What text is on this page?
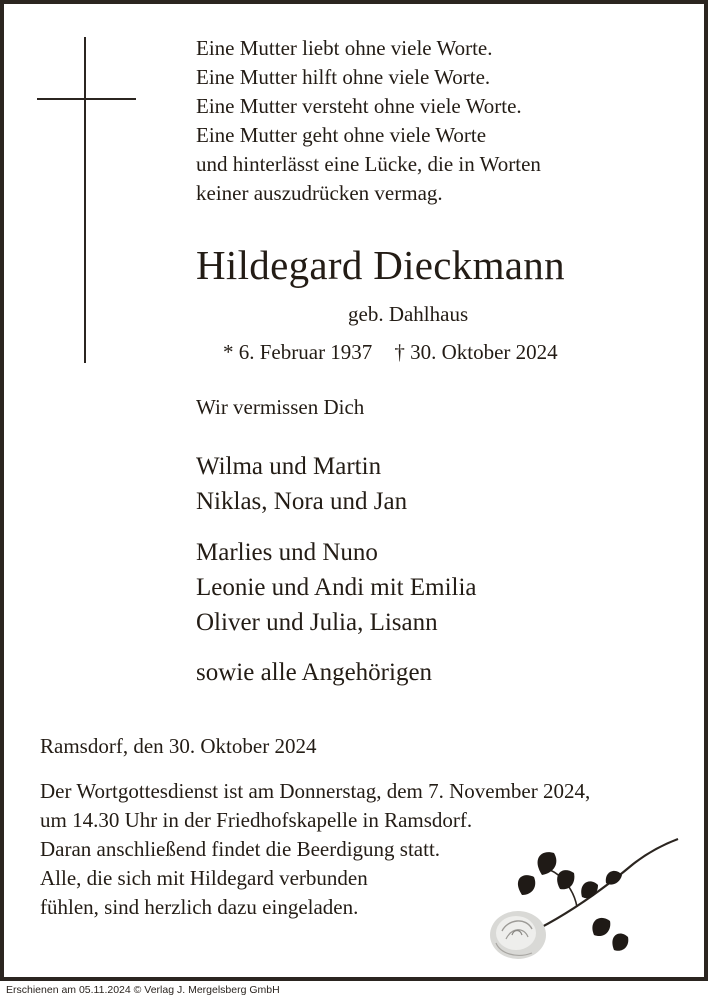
Eine Mutter liebt ohne viele Worte.
Eine Mutter hilft ohne viele Worte.
Eine Mutter versteht ohne viele Worte.
Eine Mutter geht ohne viele Worte
und hinterlässt eine Lücke, die in Worten
keiner auszudrücken vermag.
Hildegard Dieckmann
geb. Dahlhaus
* 6. Februar 1937 † 30. Oktober 2024
Wir vermissen Dich
Wilma und Martin
Niklas, Nora und Jan
Marlies und Nuno
Leonie und Andi mit Emilia
Oliver und Julia, Lisann
sowie alle Angehörigen
Ramsdorf, den 30. Oktober 2024
Der Wortgottesdienst ist am Donnerstag, dem 7. November 2024,
um 14.30 Uhr in der Friedhofskapelle in Ramsdorf.
Daran anschließend findet die Beerdigung statt.
Alle, die sich mit Hildegard verbunden
fühlen, sind herzlich dazu eingeladen.
Erschienen am 05.11.2024 © Verlag J. Mergelsberg GmbH
